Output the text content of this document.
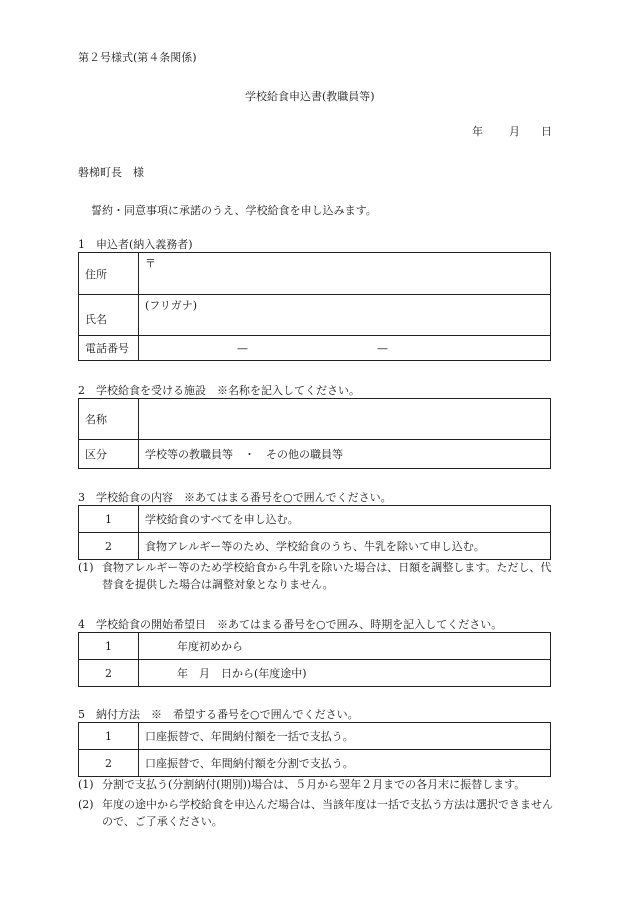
第２号様式(第４条関係)
学校給食申込書(教職員等)
年 月 日
磐梯町長　様
誓約・同意事項に承諾のうえ、学校給食を申し込みます。
1　申込者(納入義務者)
住所	〒
氏名	(フリガナ)
電話番号	— —
2　学校給食を受ける施設　※名称を記入してください。
名称	
区分	学校等の教職員等　・　その他の職員等
3　学校給食の内容　※あてはまる番号を○で囲んでください。
1	学校給食のすべてを申し込む。
2	食物アレルギー等のため、学校給食のうち、牛乳を除いて申し込む。
(1) 食物アレルギー等のため学校給食から牛乳を除いた場合は、日額を調整します。ただし、代替食を提供した場合は調整対象となりません。
4　学校給食の開始希望日　※あてはまる番号を○で囲み、時期を記入してください。
1	年度初めから
2	年　月　日から(年度途中)
5　納付方法　※　希望する番号を○で囲んでください。
1	口座振替で、年間納付額を一括で支払う。
2	口座振替で、年間納付額を分割で支払う。
(1) 分割で支払う(分割納付(期別))場合は、５月から翌年２月までの各月末に振替します。
(2) 年度の途中から学校給食を申込んだ場合は、当該年度は一括で支払う方法は選択できませんので、ご了承ください。
